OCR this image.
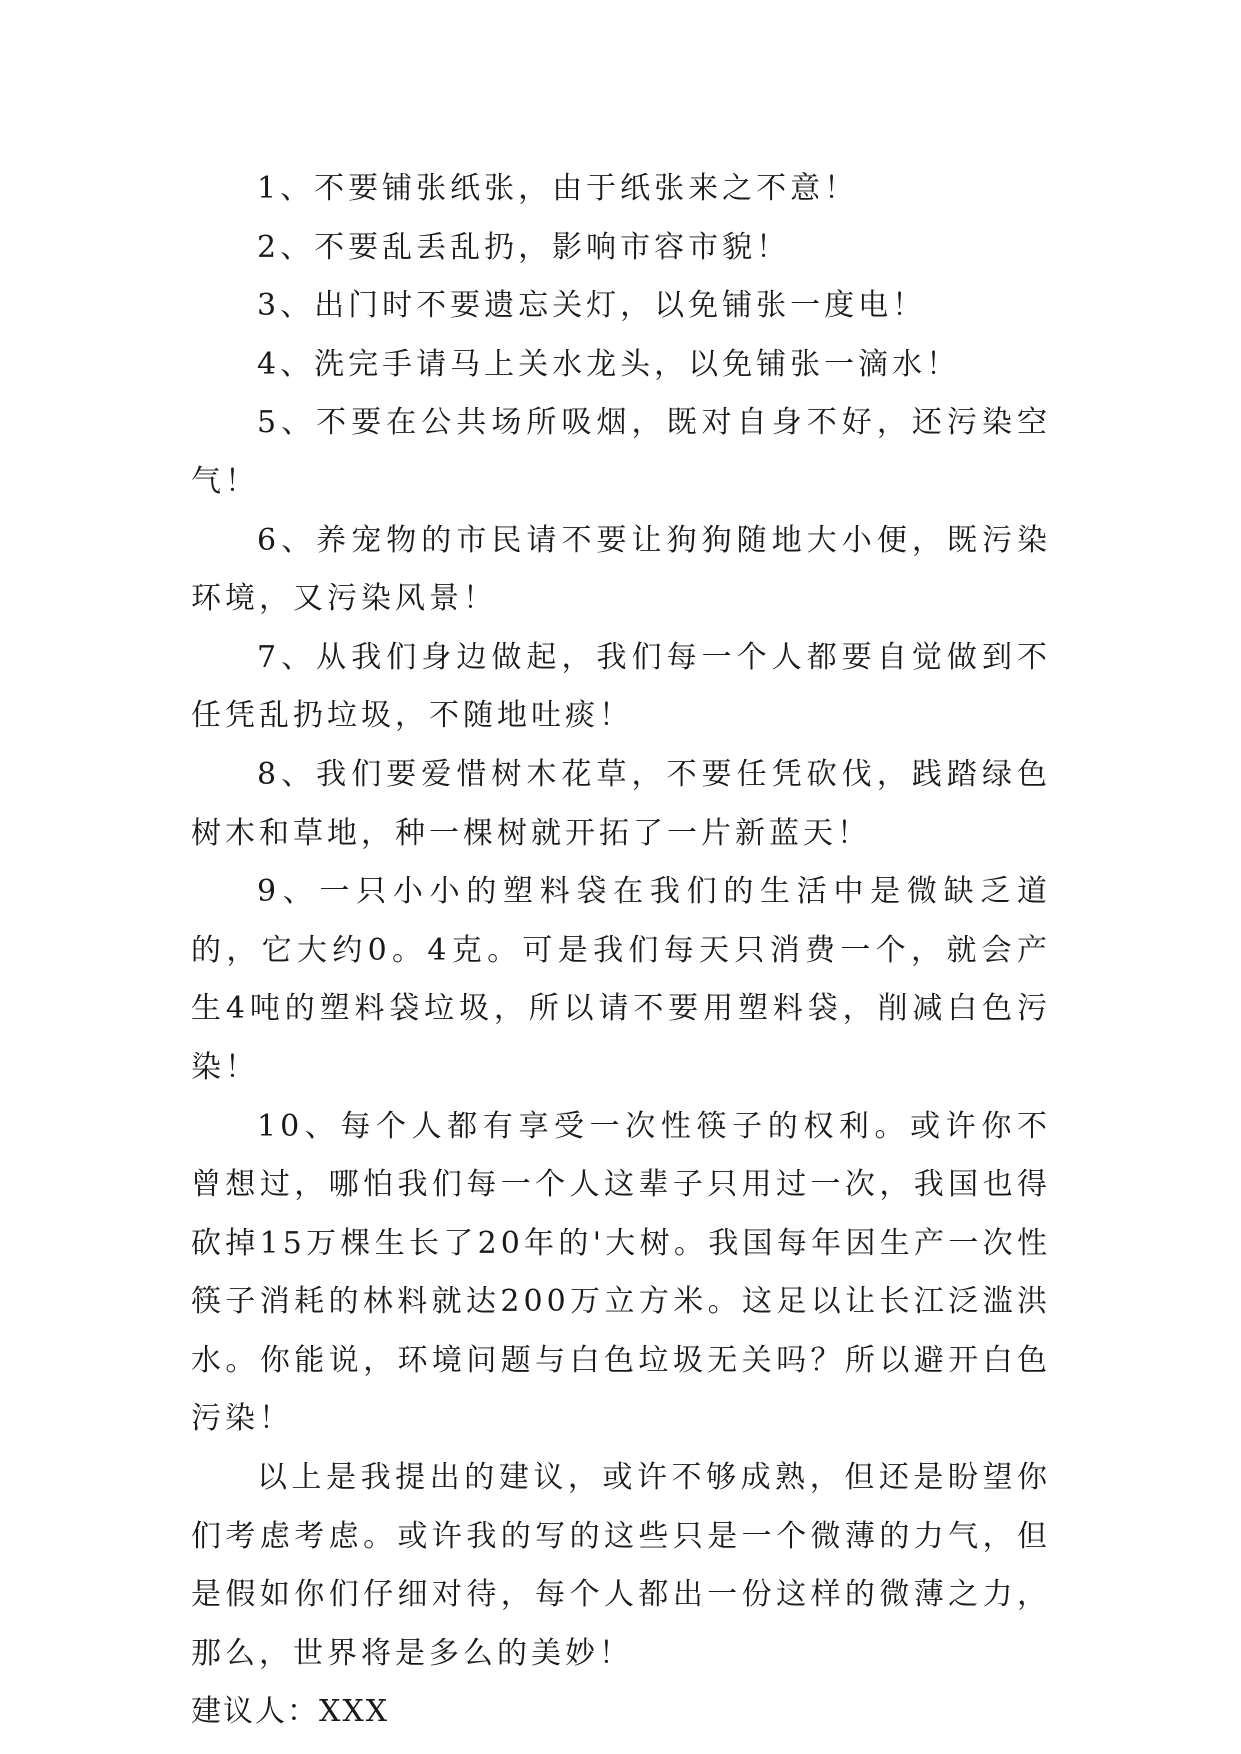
1、不要铺张纸张，由于纸张来之不意！

2、不要乱丢乱扔，影响市容市貌！

3、出门时不要遗忘关灯，以免铺张一度电！

4、洗完手请马上关水龙头，以免铺张一滴水！

5、不要在公共场所吸烟，既对自身不好，还污染空气！

6、养宠物的市民请不要让狗狗随地大小便，既污染环境，又污染风景！

7、从我们身边做起，我们每一个人都要自觉做到不任凭乱扔垃圾，不随地吐痰！

8、我们要爱惜树木花草，不要任凭砍伐，践踏绿色树木和草地，种一棵树就开拓了一片新蓝天！

9、一只小小的塑料袋在我们的生活中是微缺乏道的，它大约0。4克。可是我们每天只消费一个，就会产生4吨的塑料袋垃圾，所以请不要用塑料袋，削减白色污染！

10、每个人都有享受一次性筷子的权利。或许你不曾想过，哪怕我们每一个人这辈子只用过一次，我国也得砍掉15万棵生长了20年的'大树。我国每年因生产一次性筷子消耗的林料就达200万立方米。这足以让长江泛滥洪水。你能说，环境问题与白色垃圾无关吗？所以避开白色污染！

以上是我提出的建议，或许不够成熟，但还是盼望你们考虑考虑。或许我的写的这些只是一个微薄的力气，但是假如你们仔细对待，每个人都出一份这样的微薄之力，那么，世界将是多么的美妙！

建议人：XXX
